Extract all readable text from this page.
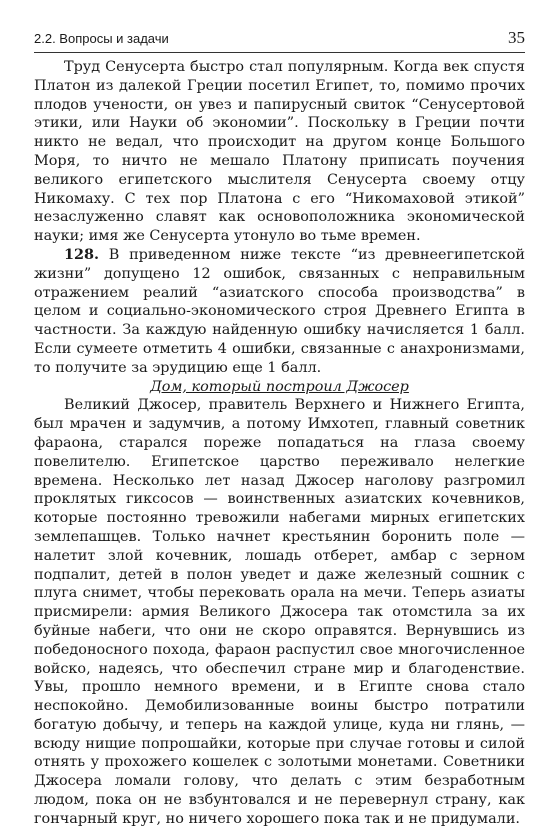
2.2. Вопросы и задачи	35

Труд Сенусерта быстро стал популярным. Когда век спустя Платон из далекой Греции посетил Египет, то, помимо прочих плодов учености, он увез и папирусный свиток “Сенусертовой этики, или Науки об экономии”. Поскольку в Греции почти никто не ведал, что происходит на другом конце Большого Моря, то ничто не мешало Платону приписать поучения великого египетского мыслителя Сенусерта своему отцу Никомаху. С тех пор Платона с его “Никомаховой этикой” незаслуженно славят как основоположника экономической науки; имя же Сенусерта утонуло во тьме времен.

128. В приведенном ниже тексте “из древнеегипетской жизни” допущено 12 ошибок, связанных с неправильным отражением реалий “азиатского способа производства” в целом и социально-экономического строя Древнего Египта в частности. За каждую найденную ошибку начисляется 1 балл. Если сумеете отметить 4 ошибки, связанные с анахронизмами, то получите за эрудицию еще 1 балл.

Дом, который построил Джосер

Великий Джосер, правитель Верхнего и Нижнего Египта, был мрачен и задумчив, а потому Имхотеп, главный советник фараона, старался пореже попадаться на глаза своему повелителю. Египетское царство переживало нелегкие времена. Несколько лет назад Джосер наголову разгромил проклятых гиксосов — воинственных азиатских кочевников, которые постоянно тревожили набегами мирных египетских землепашцев. Только начнет крестьянин боронить поле — налетит злой кочевник, лошадь отберет, амбар с зерном подпалит, детей в полон уведет и даже железный сошник с плуга снимет, чтобы перековать орала на мечи. Теперь азиаты присмирели: армия Великого Джосера так отомстила за их буйные набеги, что они не скоро оправятся. Вернувшись из победоносного похода, фараон распустил свое многочисленное войско, надеясь, что обеспечил стране мир и благоденствие. Увы, прошло немного времени, и в Египте снова стало неспокойно. Демобилизованные воины быстро потратили богатую добычу, и теперь на каждой улице, куда ни глянь, — всюду нищие попрошайки, которые при случае готовы и силой отнять у прохожего кошелек с золотыми монетами. Советники Джосера ломали голову, что делать с этим безработным людом, пока он не взбунтовался и не перевернул страну, как гончарный круг, но ничего хорошего пока так и не придумали.
